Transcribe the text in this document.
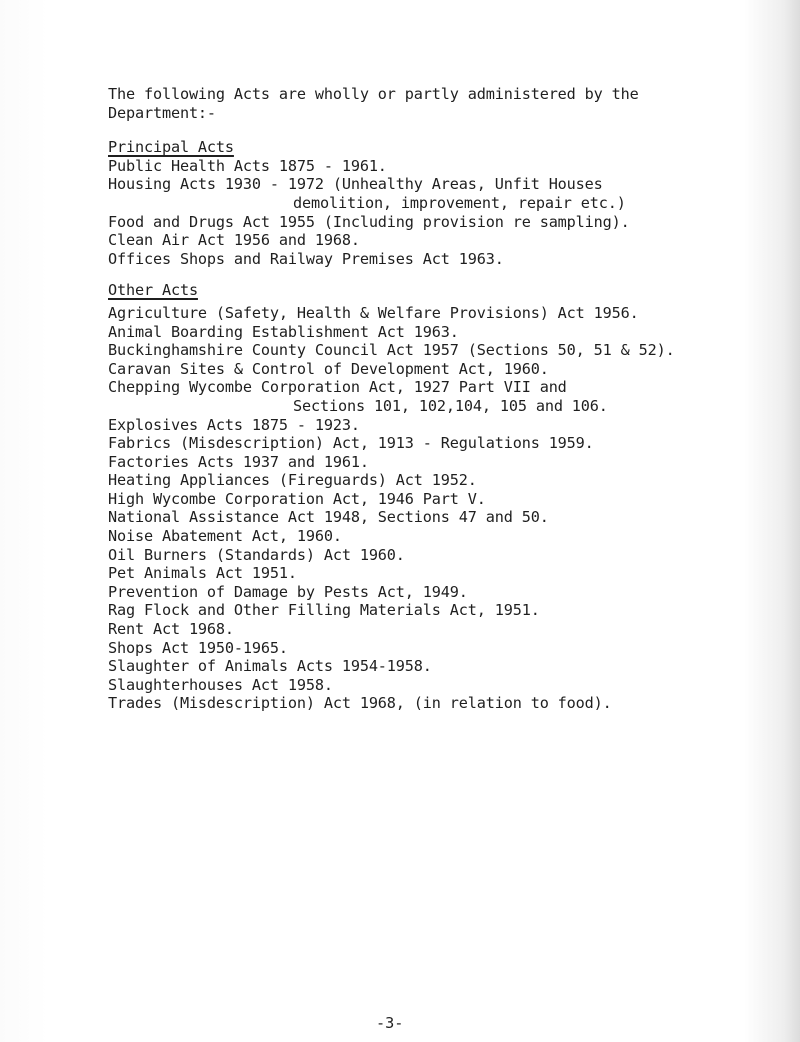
The following Acts are wholly or partly administered by the
Department:-
Principal Acts
Public Health Acts 1875 - 1961.
Housing Acts 1930 - 1972 (Unhealthy Areas, Unfit Houses
demolition, improvement, repair etc.)
Food and Drugs Act 1955 (Including provision re sampling).
Clean Air Act 1956 and 1968.
Offices Shops and Railway Premises Act 1963.
Other Acts
Agriculture (Safety, Health & Welfare Provisions) Act 1956.
Animal Boarding Establishment Act 1963.
Buckinghamshire County Council Act 1957 (Sections 50, 51 & 52).
Caravan Sites & Control of Development Act, 1960.
Chepping Wycombe Corporation Act, 1927 Part VII and
Sections 101, 102,104, 105 and 106.
Explosives Acts 1875 - 1923.
Fabrics (Misdescription) Act, 1913 - Regulations 1959.
Factories Acts 1937 and 1961.
Heating Appliances (Fireguards) Act 1952.
High Wycombe Corporation Act, 1946 Part V.
National Assistance Act 1948, Sections 47 and 50.
Noise Abatement Act, 1960.
Oil Burners (Standards) Act 1960.
Pet Animals Act 1951.
Prevention of Damage by Pests Act, 1949.
Rag Flock and Other Filling Materials Act, 1951.
Rent Act 1968.
Shops Act 1950-1965.
Slaughter of Animals Acts 1954-1958.
Slaughterhouses Act 1958.
Trades (Misdescription) Act 1968, (in relation to food).
-3-
